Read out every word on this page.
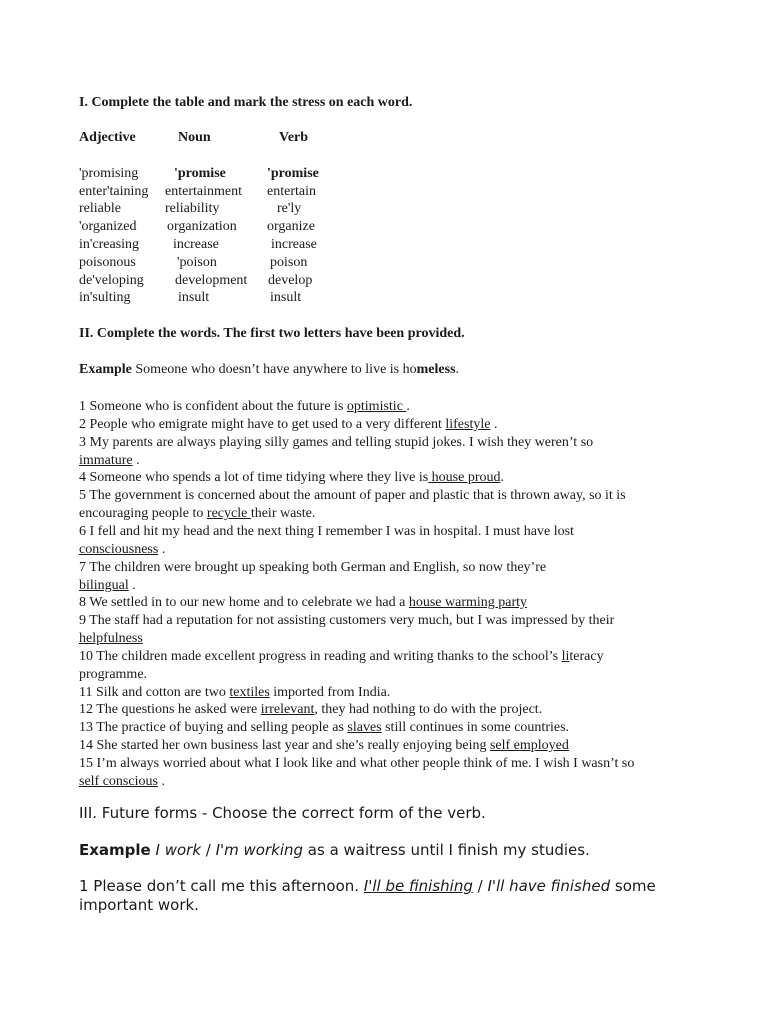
I. Complete the table and mark the stress on each word.
Adjective	Noun	Verb
'promising	'promise	'promise
enter'taining entertainment entertain
reliable	reliability	re'ly
'organized organization organize
in'creasing increase	increase
poisonous	'poison	poison
de'veloping development develop
in'sulting	insult	insult
II. Complete the words. The first two letters have been provided.
Example Someone who doesn’t have anywhere to live is homeless.
1 Someone who is confident about the future is optimistic .
2 People who emigrate might have to get used to a very different lifestyle .
3 My parents are always playing silly games and telling stupid jokes. I wish they weren’t so
immature .
4 Someone who spends a lot of time tidying where they live is house proud.
5 The government is concerned about the amount of paper and plastic that is thrown away, so it is
encouraging people to recycle their waste.
6 I fell and hit my head and the next thing I remember I was in hospital. I must have lost
consciousness .
7 The children were brought up speaking both German and English, so now they’re
bilingual .
8 We settled in to our new home and to celebrate we had a house warming party
9 The staff had a reputation for not assisting customers very much, but I was impressed by their
helpfulness
10 The children made excellent progress in reading and writing thanks to the school’s literacy
programme.
11 Silk and cotton are two textiles imported from India.
12 The questions he asked were irrelevant, they had nothing to do with the project.
13 The practice of buying and selling people as slaves still continues in some countries.
14 She started her own business last year and she’s really enjoying being self employed
15 I’m always worried about what I look like and what other people think of me. I wish I wasn’t so
self conscious .
III. Future forms - Choose the correct form of the verb.
Example I work / I'm working as a waitress until I finish my studies.
1 Please don’t call me this afternoon. I'll be finishing / I'll have finished some
important work.
